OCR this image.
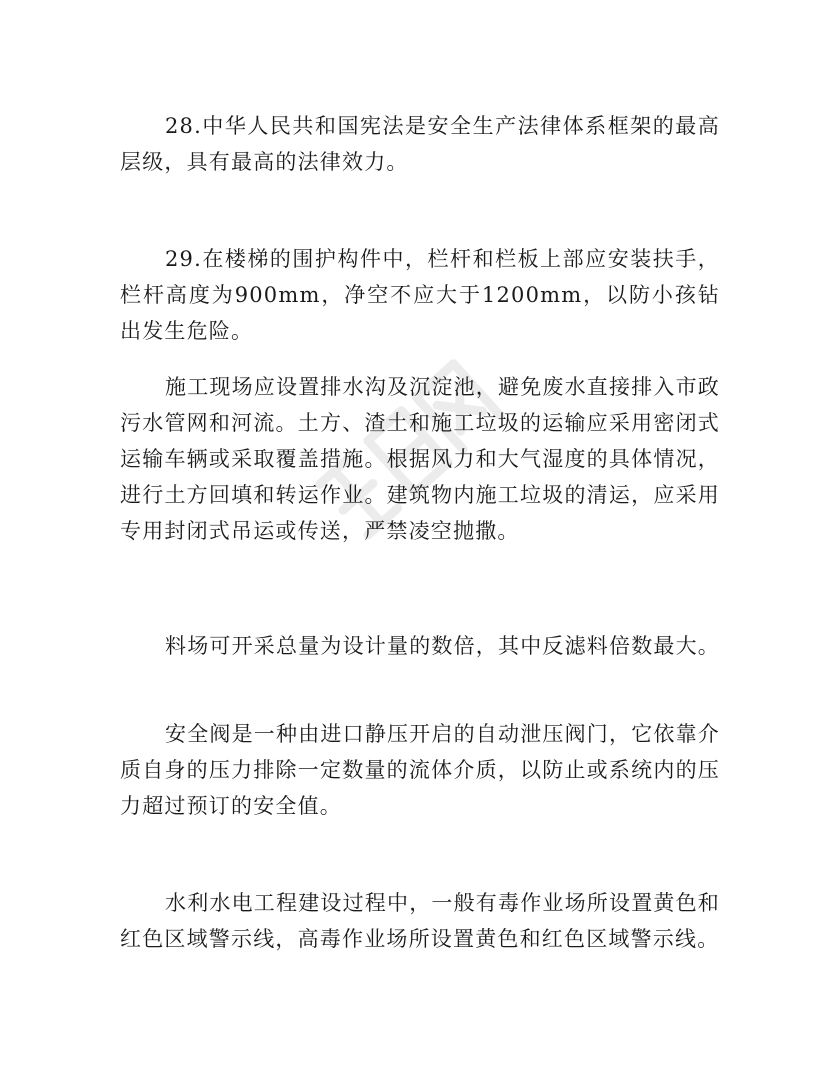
28.中华人民共和国宪法是安全生产法律体系框架的最高层级，具有最高的法律效力。

29.在楼梯的围护构件中，栏杆和栏板上部应安装扶手，栏杆高度为900mm，净空不应大于1200mm，以防小孩钻出发生危险。

施工现场应设置排水沟及沉淀池，避免废水直接排入市政污水管网和河流。土方、渣土和施工垃圾的运输应采用密闭式运输车辆或采取覆盖措施。根据风力和大气湿度的具体情况，进行土方回填和转运作业。建筑物内施工垃圾的清运，应采用专用封闭式吊运或传送，严禁凌空抛撒。

料场可开采总量为设计量的数倍，其中反滤料倍数最大。

安全阀是一种由进口静压开启的自动泄压阀门，它依靠介质自身的压力排除一定数量的流体介质，以防止或系统内的压力超过预订的安全值。

水利水电工程建设过程中，一般有毒作业场所设置黄色和红色区域警示线，高毒作业场所设置黄色和红色区域警示线。
